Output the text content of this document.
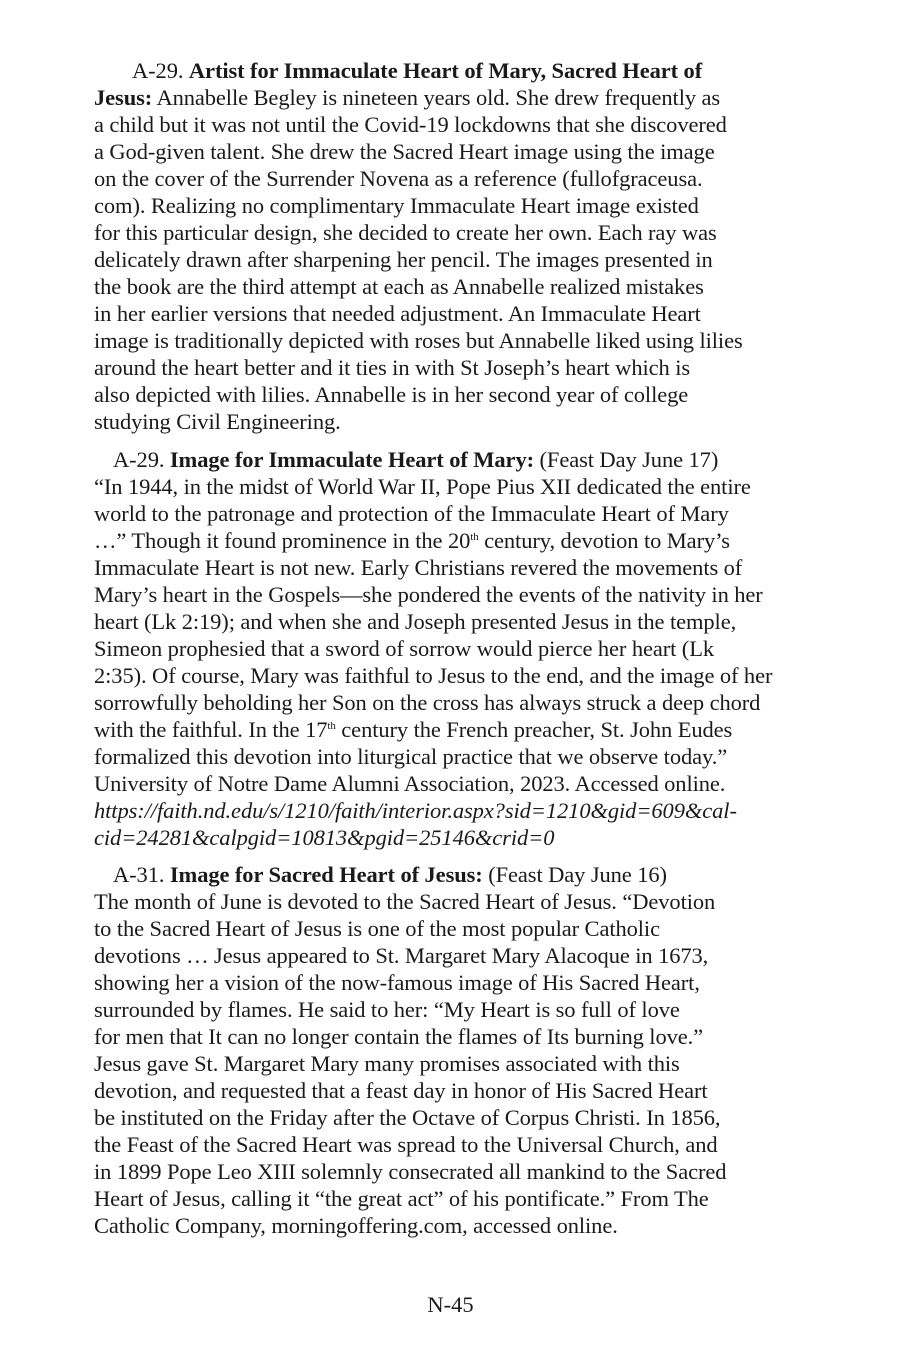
A-29. Artist for Immaculate Heart of Mary, Sacred Heart of
Jesus: Annabelle Begley is nineteen years old. She drew frequently as
a child but it was not until the Covid-19 lockdowns that she discovered
a God-given talent. She drew the Sacred Heart image using the image
on the cover of the Surrender Novena as a reference (fullofgraceusa.
com). Realizing no complimentary Immaculate Heart image existed
for this particular design, she decided to create her own. Each ray was
delicately drawn after sharpening her pencil. The images presented in
the book are the third attempt at each as Annabelle realized mistakes
in her earlier versions that needed adjustment. An Immaculate Heart
image is traditionally depicted with roses but Annabelle liked using lilies
around the heart better and it ties in with St Joseph’s heart which is
also depicted with lilies. Annabelle is in her second year of college
studying Civil Engineering.
A-29. Image for Immaculate Heart of Mary: (Feast Day June 17)
“In 1944, in the midst of World War II, Pope Pius XII dedicated the entire
world to the patronage and protection of the Immaculate Heart of Mary
…” Though it found prominence in the 20th century, devotion to Mary’s
Immaculate Heart is not new. Early Christians revered the movements of
Mary’s heart in the Gospels—she pondered the events of the nativity in her
heart (Lk 2:19); and when she and Joseph presented Jesus in the temple,
Simeon prophesied that a sword of sorrow would pierce her heart (Lk
2:35). Of course, Mary was faithful to Jesus to the end, and the image of her
sorrowfully beholding her Son on the cross has always struck a deep chord
with the faithful. In the 17th century the French preacher, St. John Eudes
formalized this devotion into liturgical practice that we observe today.”
University of Notre Dame Alumni Association, 2023. Accessed online.
https://faith.nd.edu/s/1210/faith/interior.aspx?sid=1210&gid=609&cal-
cid=24281&calpgid=10813&pgid=25146&crid=0
A-31. Image for Sacred Heart of Jesus: (Feast Day June 16)
The month of June is devoted to the Sacred Heart of Jesus. “Devotion
to the Sacred Heart of Jesus is one of the most popular Catholic
devotions … Jesus appeared to St. Margaret Mary Alacoque in 1673,
showing her a vision of the now-famous image of His Sacred Heart,
surrounded by flames. He said to her: “My Heart is so full of love
for men that It can no longer contain the flames of Its burning love.”
Jesus gave St. Margaret Mary many promises associated with this
devotion, and requested that a feast day in honor of His Sacred Heart
be instituted on the Friday after the Octave of Corpus Christi. In 1856,
the Feast of the Sacred Heart was spread to the Universal Church, and
in 1899 Pope Leo XIII solemnly consecrated all mankind to the Sacred
Heart of Jesus, calling it “the great act” of his pontificate.” From The
Catholic Company, morningoffering.com, accessed online.
N-45
